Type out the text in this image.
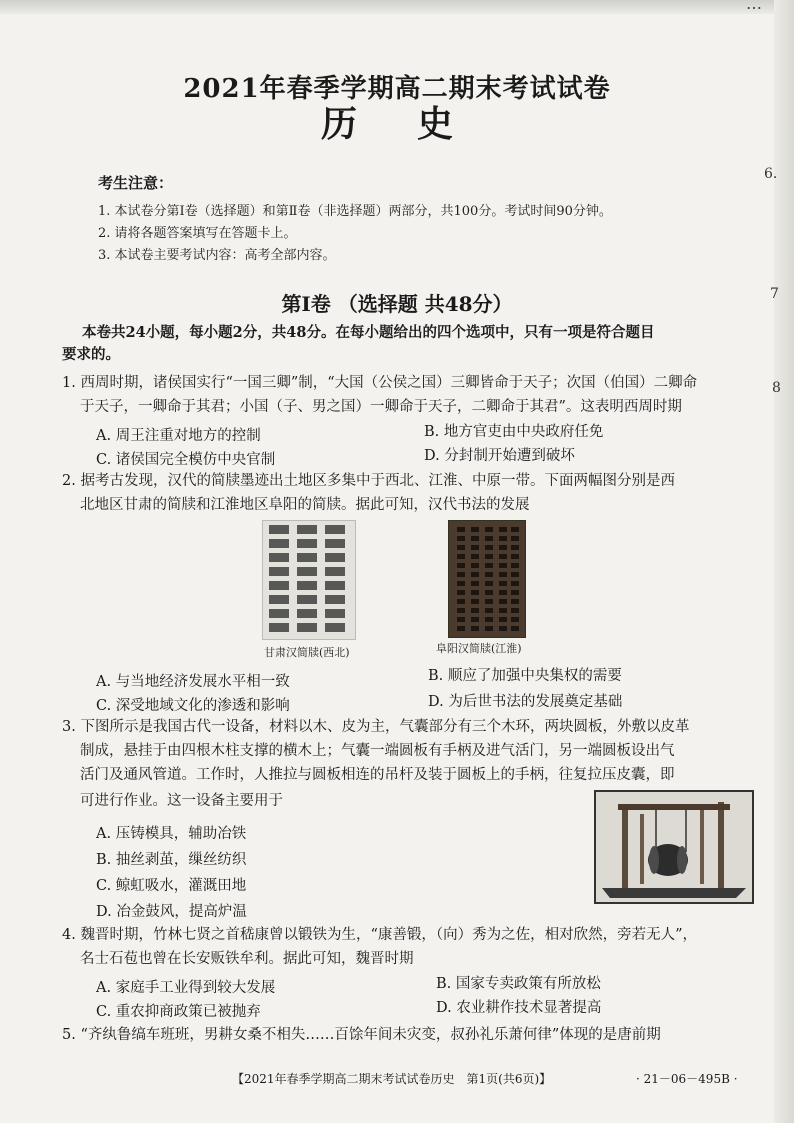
…
6.
7
8
2021年春季学期高二期末考试试卷
历史
考生注意：
1. 本试卷分第Ⅰ卷（选择题）和第Ⅱ卷（非选择题）两部分，共100分。考试时间90分钟。
2. 请将各题答案填写在答题卡上。
3. 本试卷主要考试内容：高考全部内容。
第Ⅰ卷 （选择题 共48分）
本卷共24小题，每小题2分，共48分。在每小题给出的四个选项中，只有一项是符合题目
要求的。
1. 西周时期，诸侯国实行“一国三卿”制，“大国（公侯之国）三卿皆命于天子；次国（伯国）二卿命
于天子，一卿命于其君；小国（子、男之国）一卿命于天子，二卿命于其君”。这表明西周时期
A. 周王注重对地方的控制	B. 地方官吏由中央政府任免
C. 诸侯国完全模仿中央官制	D. 分封制开始遭到破坏
2. 据考古发现，汉代的简牍墨迹出土地区多集中于西北、江淮、中原一带。下面两幅图分别是西
北地区甘肃的简牍和江淮地区阜阳的简牍。据此可知，汉代书法的发展
甘肃汉简牍(西北)	阜阳汉简牍(江淮)
A. 与当地经济发展水平相一致	B. 顺应了加强中央集权的需要
C. 深受地域文化的渗透和影响	D. 为后世书法的发展奠定基础
3. 下图所示是我国古代一设备，材料以木、皮为主，气囊部分有三个木环，两块圆板，外敷以皮革
制成，悬挂于由四根木柱支撑的横木上；气囊一端圆板有手柄及进气活门，另一端圆板设出气
活门及通风管道。工作时，人推拉与圆板相连的吊杆及装于圆板上的手柄，往复拉压皮囊，即
可进行作业。这一设备主要用于
A. 压铸模具，辅助冶铁
B. 抽丝剥茧，缫丝纺织
C. 鲸虹吸水，灌溉田地
D. 冶金鼓风，提高炉温
4. 魏晋时期，竹林七贤之首嵇康曾以锻铁为生，“康善锻，（向）秀为之佐，相对欣然，旁若无人”，
名士石苞也曾在长安贩铁牟利。据此可知，魏晋时期
A. 家庭手工业得到较大发展	B. 国家专卖政策有所放松
C. 重农抑商政策已被抛弃	D. 农业耕作技术显著提高
5. “齐纨鲁缟车班班，男耕女桑不相失……百馀年间未灾变，叔孙礼乐萧何律”体现的是唐前期
【2021年春季学期高二期末考试试卷历史　第1页(共6页)】	· 21－06－495B ·
